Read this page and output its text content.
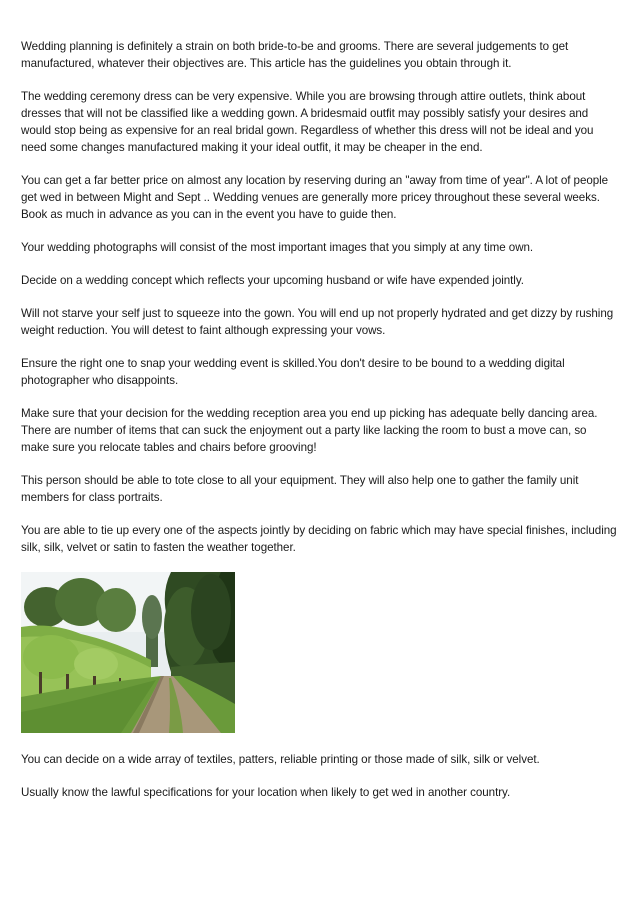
Wedding planning is definitely a strain on both bride-to-be and grooms. There are several judgements to get manufactured, whatever their objectives are. This article has the guidelines you obtain through it.

The wedding ceremony dress can be very expensive. While you are browsing through attire outlets, think about dresses that will not be classified like a wedding gown. A bridesmaid outfit may possibly satisfy your desires and would stop being as expensive for an real bridal gown. Regardless of whether this dress will not be ideal and you need some changes manufactured making it your ideal outfit, it may be cheaper in the end.

You can get a far better price on almost any location by reserving during an "away from time of year". A lot of people get wed in between Might and Sept .. Wedding venues are generally more pricey throughout these several weeks. Book as much in advance as you can in the event you have to guide then.

Your wedding photographs will consist of the most important images that you simply at any time own.

Decide on a wedding concept which reflects your upcoming husband or wife have expended jointly.

Will not starve your self just to squeeze into the gown. You will end up not properly hydrated and get dizzy by rushing weight reduction. You will detest to faint although expressing your vows.

Ensure the right one to snap your wedding event is skilled.You don't desire to be bound to a wedding digital photographer who disappoints.

Make sure that your decision for the wedding reception area you end up picking has adequate belly dancing area. There are number of items that can suck the enjoyment out a party like lacking the room to bust a move can, so make sure you relocate tables and chairs before grooving!

This person should be able to tote close to all your equipment. They will also help one to gather the family unit members for class portraits.

You are able to tie up every one of the aspects jointly by deciding on fabric which may have special finishes, including silk, silk, velvet or satin to fasten the weather together.

You can decide on a wide array of textiles, patters, reliable printing or those made of silk, silk or velvet.

Usually know the lawful specifications for your location when likely to get wed in another country.
